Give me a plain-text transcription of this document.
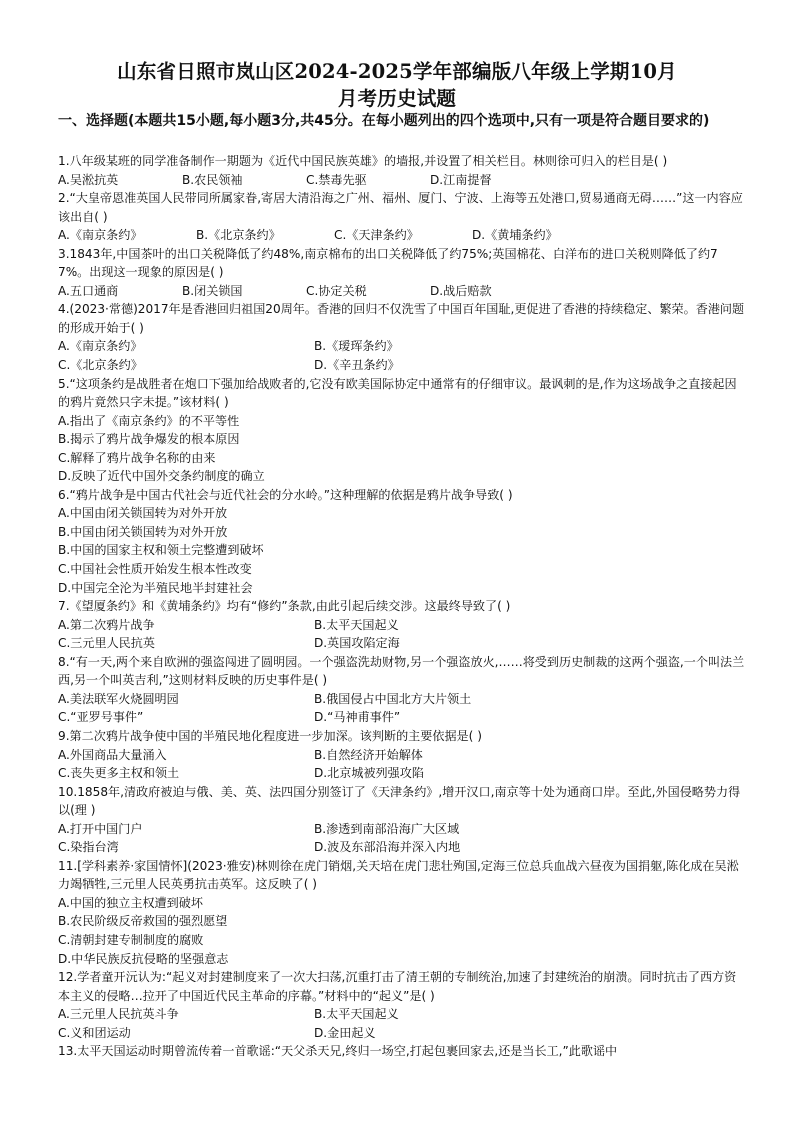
山东省日照市岚山区2024-2025学年部编版八年级上学期10月
月考历史试题
一、选择题(本题共15小题,每小题3分,共45分。在每小题列出的四个选项中,只有一项是符合题目要求的)

1.八年级某班的同学准备制作一期题为《近代中国民族英雄》的墙报,并设置了相关栏目。林则徐可归入的栏目是( )

A.吴淞抗英	B.农民领袖	C.禁毒先驱	D.江南提督

2.“大皇帝恩准英国人民带同所属家眷,寄居大清沿海之广州、福州、厦门、宁波、上海等五处港口,贸易通商无碍……”这一内容应该出自( )

A.《南京条约》	B.《北京条约》	C.《天津条约》	D.《黄埔条约》

3.1843年,中国茶叶的出口关税降低了约48%,南京棉布的出口关税降低了约75%;英国棉花、白洋布的进口关税则降低了约77%。出现这一现象的原因是( )

A.五口通商	B.闭关锁国	C.协定关税	D.战后赔款

4.(2023·常德)2017年是香港回归祖国20周年。香港的回归不仅洗雪了中国百年国耻,更促进了香港的持续稳定、繁荣。香港问题的形成开始于( )

A.《南京条约》	B.《瑷珲条约》
C.《北京条约》	D.《辛丑条约》

5.“这项条约是战胜者在炮口下强加给战败者的,它没有欧美国际协定中通常有的仔细审议。最讽刺的是,作为这场战争之直接起因的鸦片竟然只字未提。”该材料( )

A.指出了《南京条约》的不平等性
B.揭示了鸦片战争爆发的根本原因
C.解释了鸦片战争名称的由来
D.反映了近代中国外交条约制度的确立

6.“鸦片战争是中国古代社会与近代社会的分水岭。”这种理解的依据是鸦片战争导致( )

A.中国由闭关锁国转为对外开放
B.中国由闭关锁国转为对外开放
B.中国的国家主权和领土完整遭到破坏
C.中国社会性质开始发生根本性改变
D.中国完全沦为半殖民地半封建社会

7.《望厦条约》和《黄埔条约》均有“修约”条款,由此引起后续交涉。这最终导致了( )

A.第二次鸦片战争	B.太平天国起义
C.三元里人民抗英	D.英国攻陷定海

8.“有一天,两个来自欧洲的强盗闯进了圆明园。一个强盗洗劫财物,另一个强盗放火,……将受到历史制裁的这两个强盗,一个叫法兰西,另一个叫英吉利,”这则材料反映的历史事件是( )

A.美法联军火烧圆明园	B.俄国侵占中国北方大片领土
C.“亚罗号事件”	D.“马神甫事件”

9.第二次鸦片战争使中国的半殖民地化程度进一步加深。该判断的主要依据是( )

A.外国商品大量涌入	B.自然经济开始解体
C.丧失更多主权和领土	D.北京城被列强攻陷

10.1858年,清政府被迫与俄、美、英、法四国分别签订了《天津条约》,增开汉口,南京等十处为通商口岸。至此,外国侵略势力得以(理 )

A.打开中国门户	B.渗透到南部沿海广大区域
C.染指台湾	D.波及东部沿海并深入内地

11.[学科素养·家国情怀](2023·雅安)林则徐在虎门销烟,关天培在虎门悲壮殉国,定海三位总兵血战六昼夜为国捐躯,陈化成在吴淞力竭牺牲,三元里人民英勇抗击英军。这反映了( )

A.中国的独立主权遭到破坏
B.农民阶级反帝救国的强烈愿望
C.清朝封建专制制度的腐败
D.中华民族反抗侵略的坚强意志

12.学者童开沅认为:“起义对封建制度来了一次大扫荡,沉重打击了清王朝的专制统治,加速了封建统治的崩溃。同时抗击了西方资本主义的侵略…拉开了中国近代民主革命的序幕。”材料中的“起义”是( )

A.三元里人民抗英斗争	B.太平天国起义
C.义和团运动	D.金田起义

13.太平天国运动时期曾流传着一首歌谣:“天父杀天兄,终归一场空,打起包裹回家去,还是当长工,”此歌谣中
